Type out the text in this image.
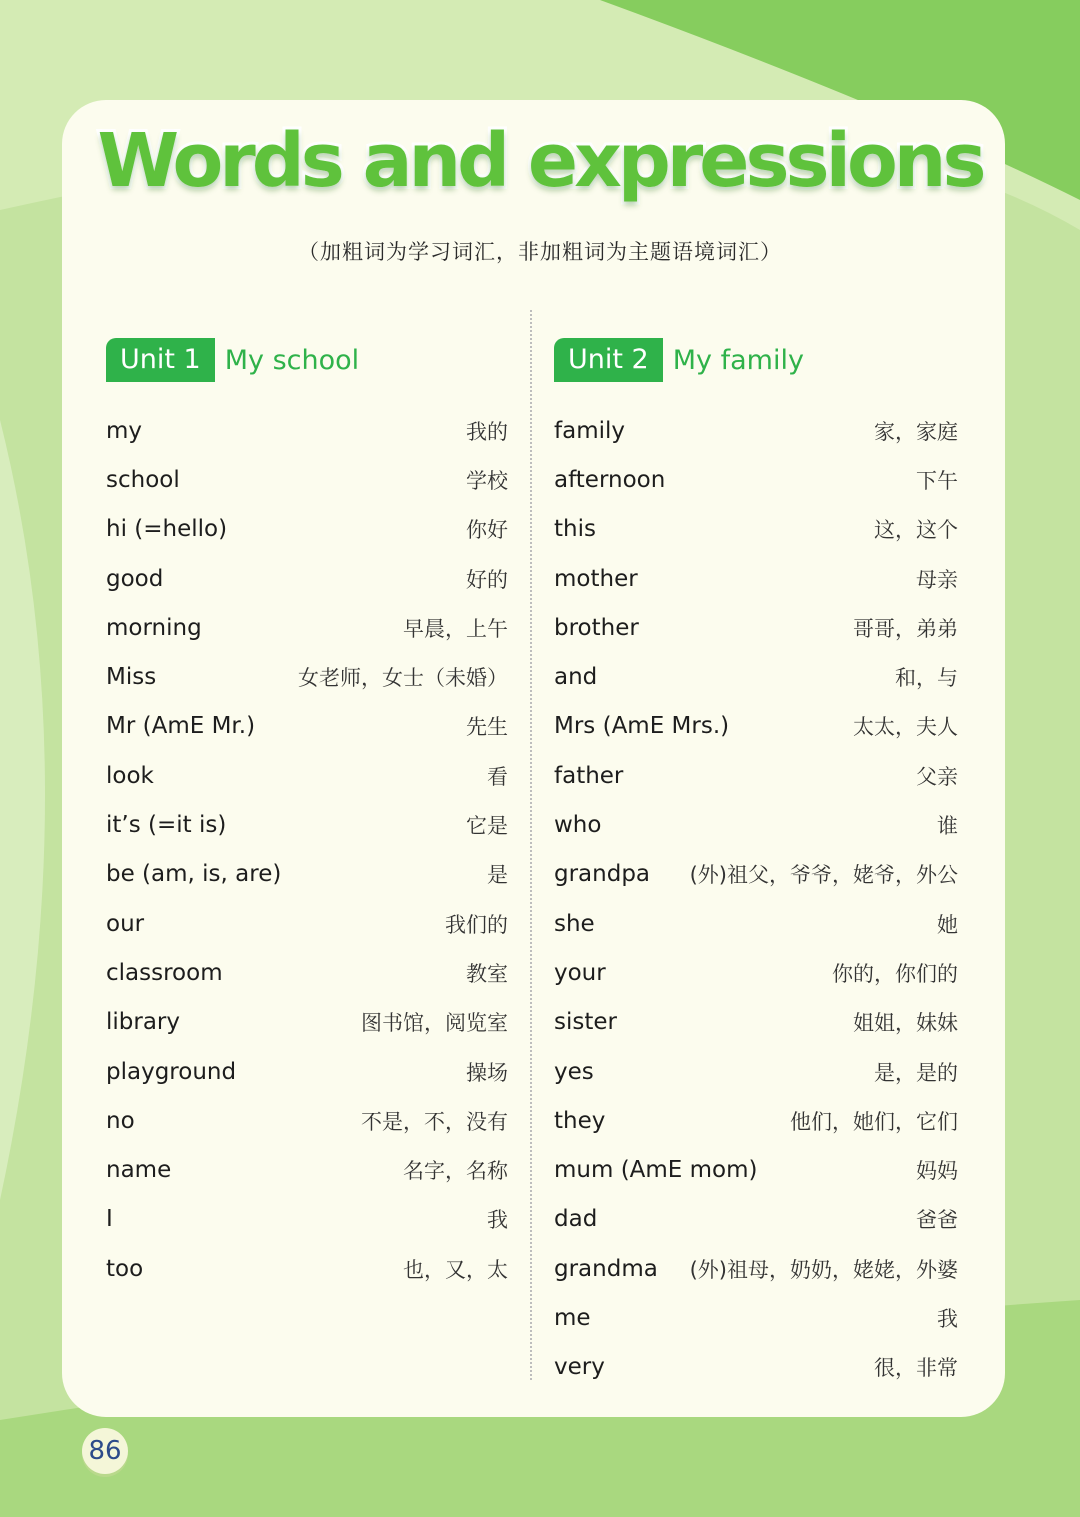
Words and expressions
（加粗词为学习词汇，非加粗词为主题语境词汇）
Unit 1 My school
my	我的
school	学校
hi (=hello)	你好
good	好的
morning	早晨，上午
Miss	女老师，女士（未婚）
Mr (AmE Mr.)	先生
look	看
it’s (=it is)	它是
be (am, is, are)	是
our	我们的
classroom	教室
library	图书馆，阅览室
playground	操场
no	不是，不，没有
name	名字，名称
I	我
too	也，又，太
Unit 2 My family
family	家，家庭
afternoon	下午
this	这，这个
mother	母亲
brother	哥哥，弟弟
and	和，与
Mrs (AmE Mrs.)	太太，夫人
father	父亲
who	谁
grandpa (外)祖父，爷爷，姥爷，外公
she	她
your	你的，你们的
sister	姐姐，妹妹
yes	是，是的
they	他们，她们，它们
mum (AmE mom)	妈妈
dad	爸爸
grandma (外)祖母，奶奶，姥姥，外婆
me	我
very	很，非常
86
